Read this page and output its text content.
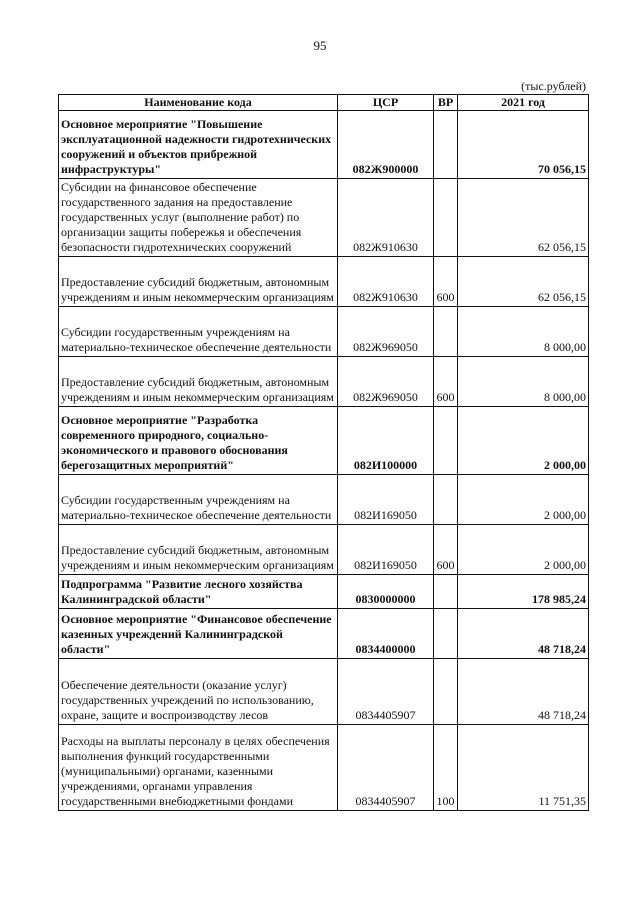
95
(тыс.рублей)
Наименование кода	ЦСР	ВР	2021 год
Основное мероприятие "Повышение эксплуатационной надежности гидротехнических сооружений и объектов прибрежной инфраструктуры"	082Ж900000		70 056,15
Субсидии на финансовое обеспечение государственного задания на предоставление государственных услуг (выполнение работ) по организации защиты побережья и обеспечения безопасности гидротехнических сооружений	082Ж910630		62 056,15
Предоставление субсидий бюджетным, автономным учреждениям и иным некоммерческим организациям	082Ж910630	600	62 056,15
Субсидии государственным учреждениям на материально-техническое обеспечение деятельности	082Ж969050		8 000,00
Предоставление субсидий бюджетным, автономным учреждениям и иным некоммерческим организациям	082Ж969050	600	8 000,00
Основное мероприятие "Разработка современного природного, социально-экономического и правового обоснования берегозащитных мероприятий"	082И100000		2 000,00
Субсидии государственным учреждениям на материально-техническое обеспечение деятельности	082И169050		2 000,00
Предоставление субсидий бюджетным, автономным учреждениям и иным некоммерческим организациям	082И169050	600	2 000,00
Подпрограмма "Развитие лесного хозяйства Калининградской области"	0830000000		178 985,24
Основное мероприятие "Финансовое обеспечение казенных учреждений Калининградской области"	0834400000		48 718,24
Обеспечение деятельности (оказание услуг) государственных учреждений по использованию, охране, защите и воспроизводству лесов	0834405907		48 718,24
Расходы на выплаты персоналу в целях обеспечения выполнения функций государственными (муниципальными) органами, казенными учреждениями, органами управления государственными внебюджетными фондами	0834405907	100	11 751,35
